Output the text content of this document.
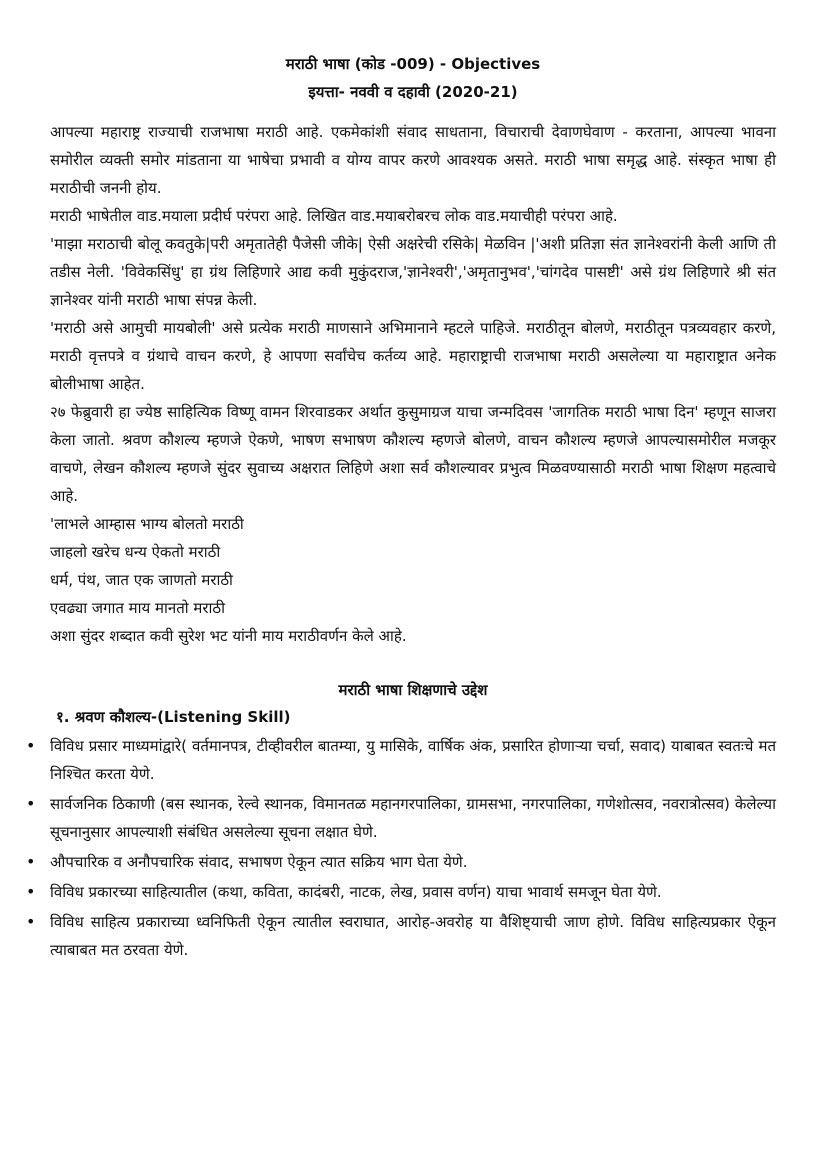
मराठी भाषा (कोड -009) - Objectives

इयत्ता- नववी व दहावी (2020-21)

आपल्या महाराष्ट्र राज्याची राजभाषा मराठी आहे. एकमेकांशी संवाद साधताना, विचाराची देवाणघेवाण - करताना, आपल्या भावना समोरील व्यक्ती समोर मांडताना या भाषेचा प्रभावी व योग्य वापर करणे आवश्यक असते. मराठी भाषा समृद्ध आहे. संस्कृत भाषा ही मराठीची जननी होय.

मराठी भाषेतील वाड.मयाला प्रदीर्घ परंपरा आहे. लिखित वाड.मयाबरोबरच लोक वाड.मयाचीही परंपरा आहे.

'माझा मराठाची बोलू कवतुके|परी अमृतातेही पैजेसी जीके| ऐसी अक्षरेची रसिके| मेळविन |'अशी प्रतिज्ञा संत ज्ञानेश्वरांनी केली आणि ती तडीस नेली. 'विवेकसिंधु' हा ग्रंथ लिहिणारे आद्य कवी मुकुंदराज,'ज्ञानेश्वरी','अमृतानुभव','चांगदेव पासष्टी' असे ग्रंथ लिहिणारे श्री संत ज्ञानेश्वर यांनी मराठी भाषा संपन्न केली.

'मराठी असे आमुची मायबोली' असे प्रत्येक मराठी माणसाने अभिमानाने म्हटले पाहिजे. मराठीतून बोलणे, मराठीतून पत्रव्यवहार करणे, मराठी वृत्तपत्रे व ग्रंथाचे वाचन करणे, हे आपणा सर्वांचेच कर्तव्य आहे. महाराष्ट्राची राजभाषा मराठी असलेल्या या महाराष्ट्रात अनेक बोलीभाषा आहेत.

२७ फेब्रुवारी हा ज्येष्ठ साहित्यिक विष्णू वामन शिरवाडकर अर्थात कुसुमाग्रज याचा जन्मदिवस 'जागतिक मराठी भाषा दिन' म्हणून साजरा केला जातो. श्रवण कौशल्य म्हणजे ऐकणे, भाषण सभाषण कौशल्य म्हणजे बोलणे, वाचन कौशल्य म्हणजे आपल्यासमोरील मजकूर वाचणे, लेखन कौशल्य म्हणजे सुंदर सुवाच्य अक्षरात लिहिणे अशा सर्व कौशल्यावर प्रभुत्व मिळवण्यासाठी मराठी भाषा शिक्षण महत्वाचे आहे.

'लाभले आम्हास भाग्य बोलतो मराठी

जाहलो खरेच धन्य ऐकतो मराठी

धर्म, पंथ, जात एक जाणतो मराठी

एवढ्या जगात माय मानतो मराठी

अशा सुंदर शब्दात कवी सुरेश भट यांनी माय मराठीवर्णन केले आहे.

मराठी भाषा शिक्षणाचे उद्देश
१. श्रवण कौशल्य-(Listening Skill)
• विविध प्रसार माध्यमांद्वारे( वर्तमानपत्र, टीव्हीवरील बातम्या, यु मासिके, वार्षिक अंक, प्रसारित होणाऱ्या चर्चा, सवाद) याबाबत स्वतःचे मत निश्चित करता येणे.
• सार्वजनिक ठिकाणी (बस स्थानक, रेल्वे स्थानक, विमानतळ महानगरपालिका, ग्रामसभा, नगरपालिका, गणेशोत्सव, नवरात्रोत्सव) केलेल्या सूचनानुसार आपल्याशी संबंधित असलेल्या सूचना लक्षात घेणे.
• औपचारिक व अनौपचारिक संवाद, सभाषण ऐकून त्यात सक्रिय भाग घेता येणे.
• विविध प्रकारच्या साहित्यातील (कथा, कविता, कादंबरी, नाटक, लेख, प्रवास वर्णन) याचा भावार्थ समजून घेता येणे.
• विविध साहित्य प्रकाराच्या ध्वनिफिती ऐकून त्यातील स्वराघात, आरोह-अवरोह या वैशिष्ट्याची जाण होणे. विविध साहित्यप्रकार ऐकून त्याबाबत मत ठरवता येणे.
